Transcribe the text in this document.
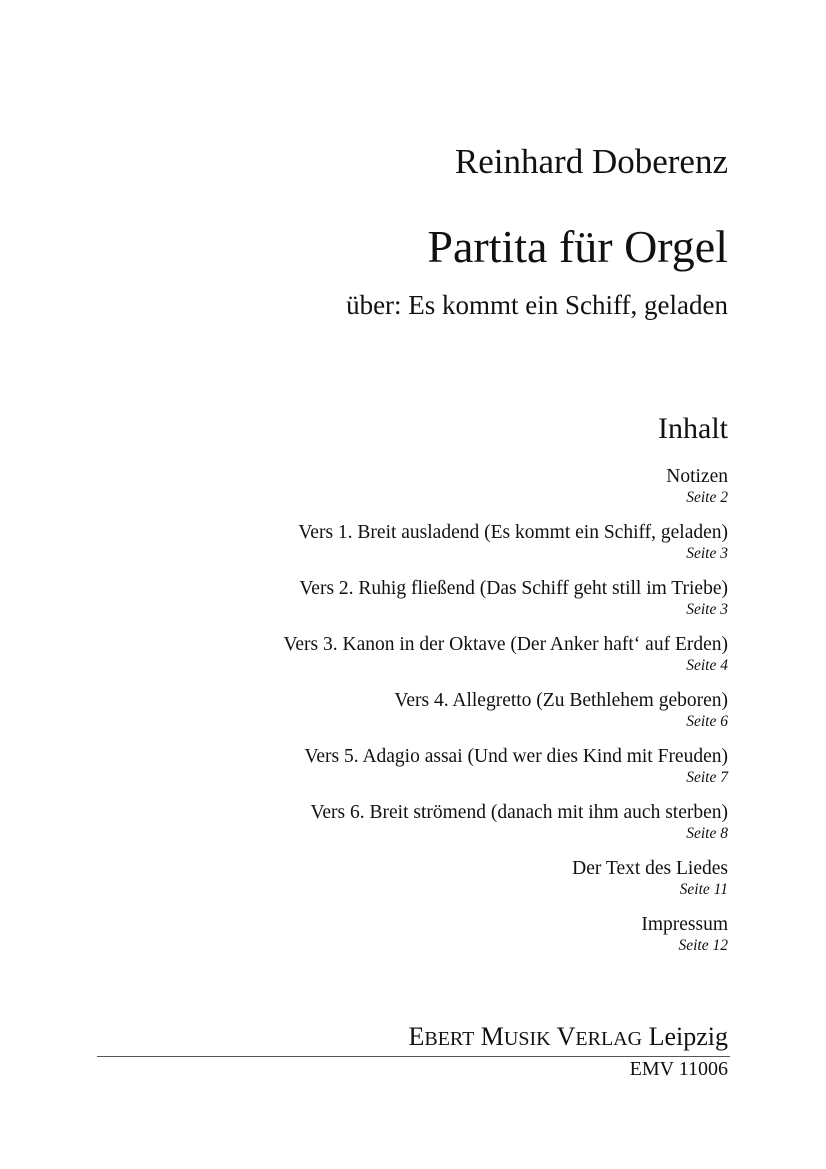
Reinhard Doberenz
Partita für Orgel
über: Es kommt ein Schiff, geladen
Inhalt
Notizen
Seite 2
Vers 1. Breit ausladend (Es kommt ein Schiff, geladen)
Seite 3
Vers 2. Ruhig fließend (Das Schiff geht still im Triebe)
Seite 3
Vers 3. Kanon in der Oktave (Der Anker haft‘ auf Erden)
Seite 4
Vers 4. Allegretto (Zu Bethlehem geboren)
Seite 6
Vers 5. Adagio assai (Und wer dies Kind mit Freuden)
Seite 7
Vers 6. Breit strömend (danach mit ihm auch sterben)
Seite 8
Der Text des Liedes
Seite 11
Impressum
Seite 12
EBERT MUSIK VERLAG Leipzig
EMV 11006
